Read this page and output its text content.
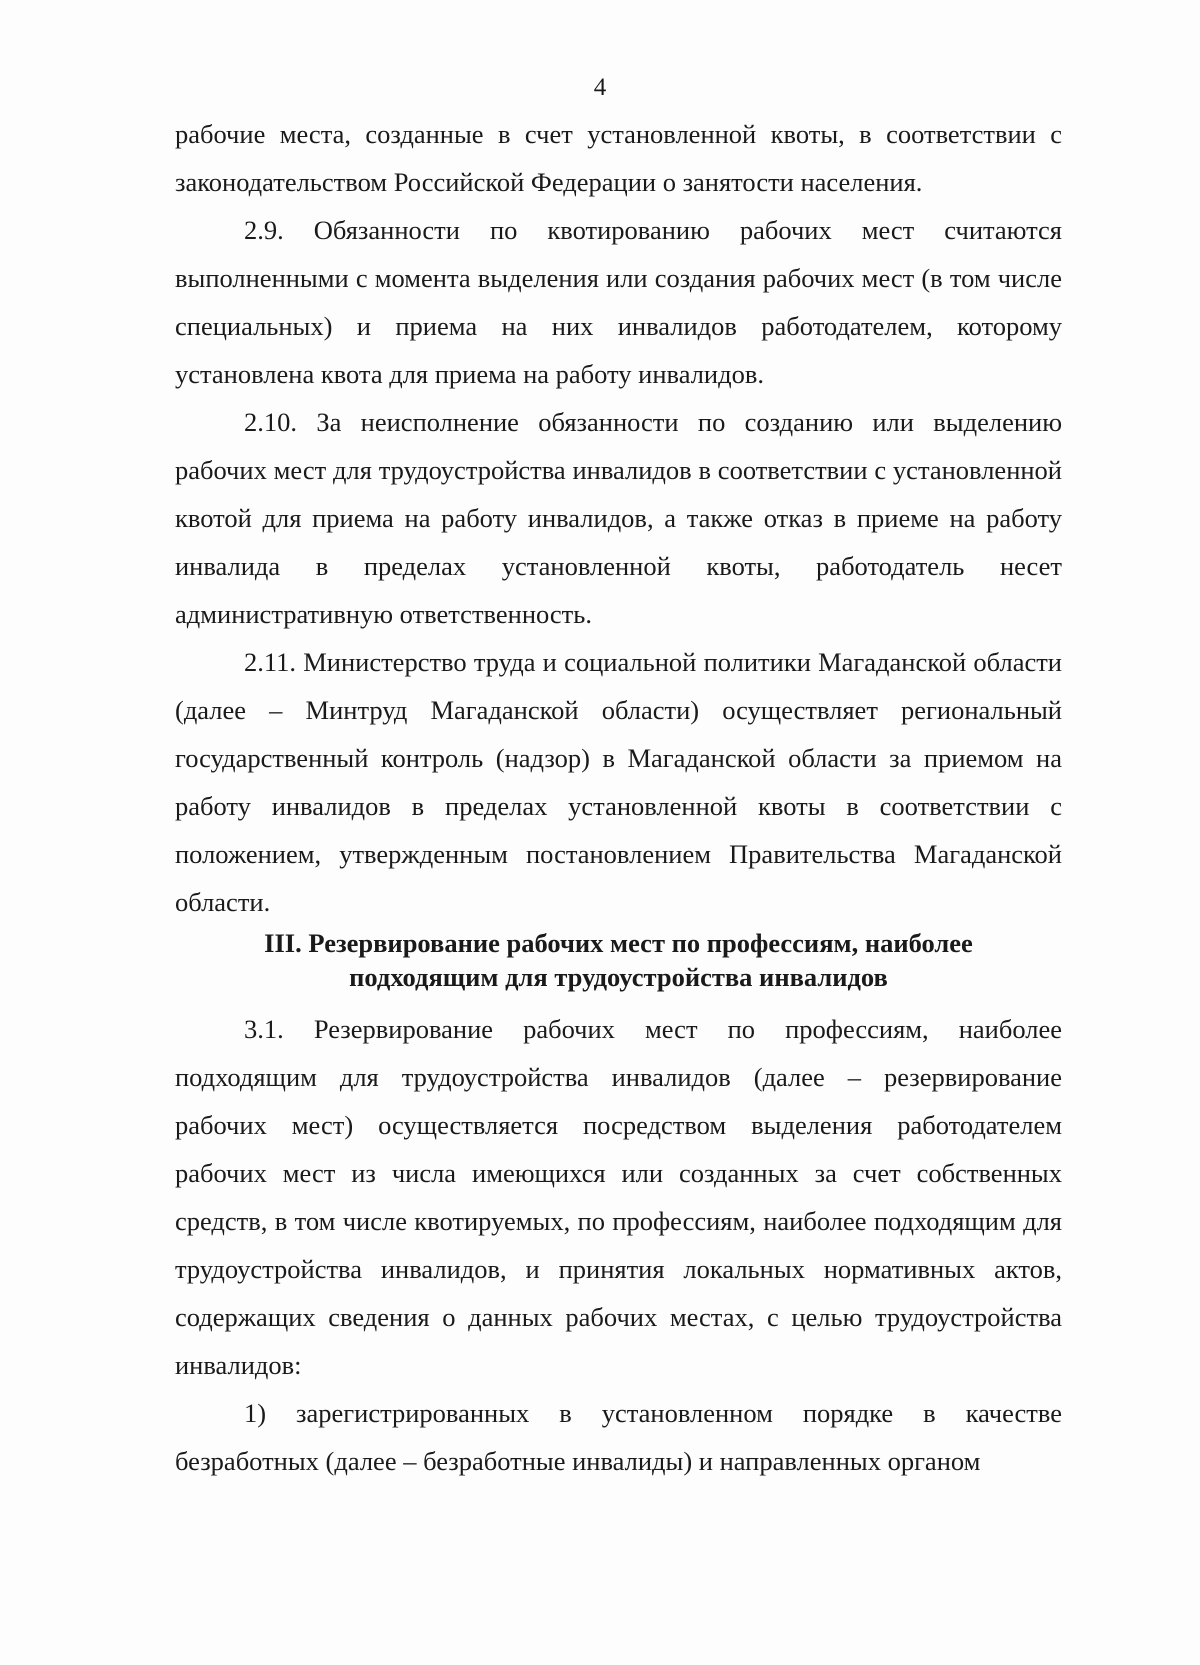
4

рабочие места, созданные в счет установленной квоты, в соответствии с законодательством Российской Федерации о занятости населения.

2.9. Обязанности по квотированию рабочих мест считаются выполненными с момента выделения или создания рабочих мест (в том числе специальных) и приема на них инвалидов работодателем, которому установлена квота для приема на работу инвалидов.

2.10. За неисполнение обязанности по созданию или выделению рабочих мест для трудоустройства инвалидов в соответствии с установленной квотой для приема на работу инвалидов, а также отказ в приеме на работу инвалида в пределах установленной квоты, работодатель несет административную ответственность.

2.11. Министерство труда и социальной политики Магаданской области (далее – Минтруд Магаданской области) осуществляет региональный государственный контроль (надзор) в Магаданской области за приемом на работу инвалидов в пределах установленной квоты в соответствии с положением, утвержденным постановлением Правительства Магаданской области.

III. Резервирование рабочих мест по профессиям, наиболее
подходящим для трудоустройства инвалидов

3.1. Резервирование рабочих мест по профессиям, наиболее подходящим для трудоустройства инвалидов (далее – резервирование рабочих мест) осуществляется посредством выделения работодателем рабочих мест из числа имеющихся или созданных за счет собственных средств, в том числе квотируемых, по профессиям, наиболее подходящим для трудоустройства инвалидов, и принятия локальных нормативных актов, содержащих сведения о данных рабочих местах, с целью трудоустройства инвалидов:

1) зарегистрированных в установленном порядке в качестве безработных (далее – безработные инвалиды) и направленных органом
